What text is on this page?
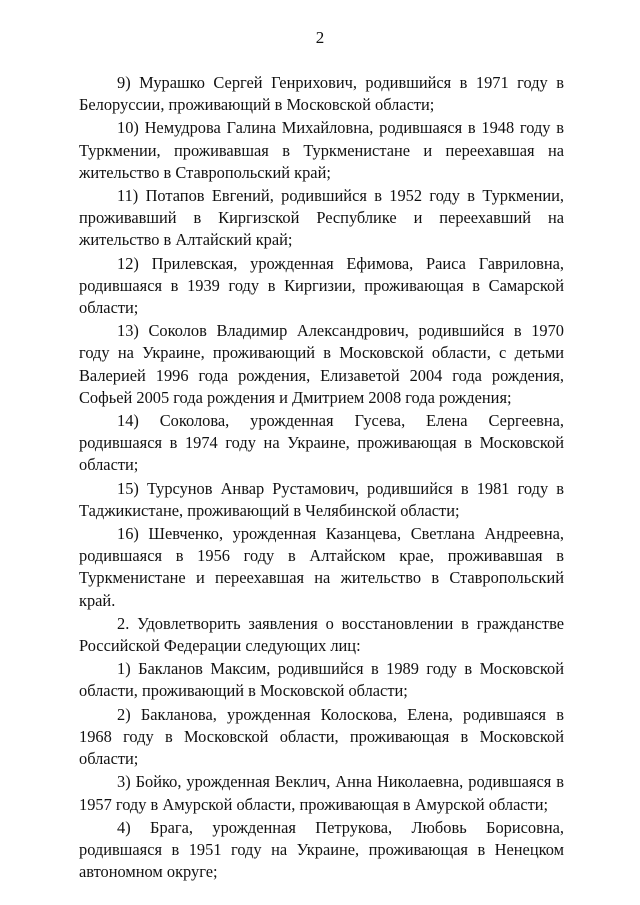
2

9) Мурашко Сергей Генрихович, родившийся в 1971 году в Белоруссии, проживающий в Московской области;

10) Немудрова Галина Михайловна, родившаяся в 1948 году в Туркмении, проживавшая в Туркменистане и переехавшая на жительство в Ставропольский край;

11) Потапов Евгений, родившийся в 1952 году в Туркмении, проживавший в Киргизской Республике и переехавший на жительство в Алтайский край;

12) Прилевская, урожденная Ефимова, Раиса Гавриловна, родившаяся в 1939 году в Киргизии, проживающая в Самарской области;

13) Соколов Владимир Александрович, родившийся в 1970 году на Украине, проживающий в Московской области, с детьми Валерией 1996 года рождения, Елизаветой 2004 года рождения, Софьей 2005 года рождения и Дмитрием 2008 года рождения;

14) Соколова, урожденная Гусева, Елена Сергеевна, родившаяся в 1974 году на Украине, проживающая в Московской области;

15) Турсунов Анвар Рустамович, родившийся в 1981 году в Таджикистане, проживающий в Челябинской области;

16) Шевченко, урожденная Казанцева, Светлана Андреевна, родившаяся в 1956 году в Алтайском крае, проживавшая в Туркменистане и переехавшая на жительство в Ставропольский край.

2. Удовлетворить заявления о восстановлении в гражданстве Российской Федерации следующих лиц:

1) Бакланов Максим, родившийся в 1989 году в Московской области, проживающий в Московской области;

2) Бакланова, урожденная Колоскова, Елена, родившаяся в 1968 году в Московской области, проживающая в Московской области;

3) Бойко, урожденная Веклич, Анна Николаевна, родившаяся в 1957 году в Амурской области, проживающая в Амурской области;

4) Брага, урожденная Петрукова, Любовь Борисовна, родившаяся в 1951 году на Украине, проживающая в Ненецком автономном округе;
